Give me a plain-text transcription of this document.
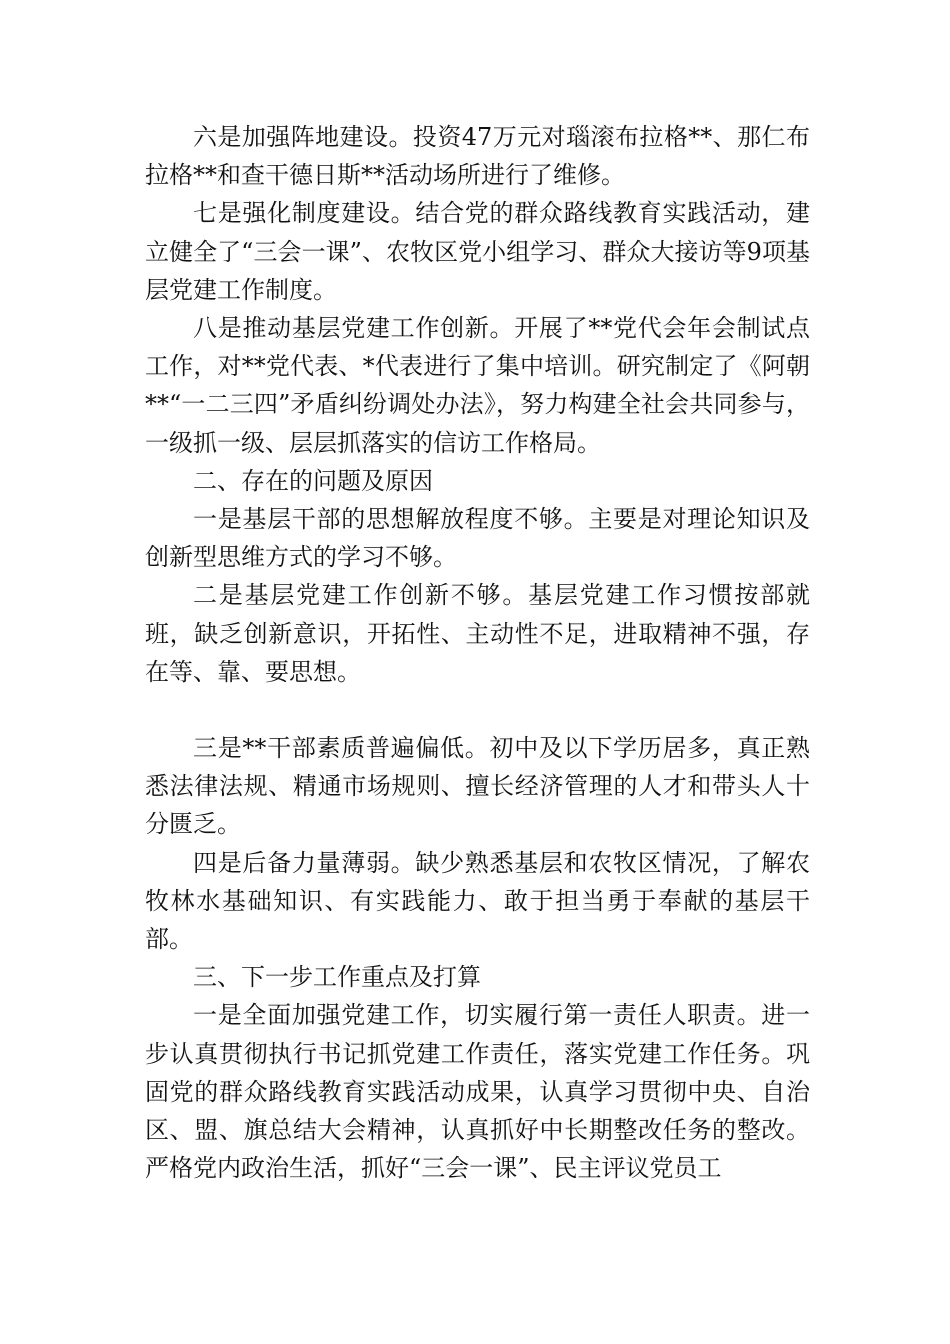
六是加强阵地建设。投资47万元对瑙滚布拉格**、那仁布拉格**和查干德日斯**活动场所进行了维修。

七是强化制度建设。结合党的群众路线教育实践活动，建立健全了“三会一课”、农牧区党小组学习、群众大接访等9项基层党建工作制度。

八是推动基层党建工作创新。开展了**党代会年会制试点工作，对**党代表、*代表进行了集中培训。研究制定了《阿朝**“一二三四”矛盾纠纷调处办法》，努力构建全社会共同参与，一级抓一级、层层抓落实的信访工作格局。

二、存在的问题及原因

一是基层干部的思想解放程度不够。主要是对理论知识及创新型思维方式的学习不够。

二是基层党建工作创新不够。基层党建工作习惯按部就班，缺乏创新意识，开拓性、主动性不足，进取精神不强，存在等、靠、要思想。

三是**干部素质普遍偏低。初中及以下学历居多，真正熟悉法律法规、精通市场规则、擅长经济管理的人才和带头人十分匮乏。

四是后备力量薄弱。缺少熟悉基层和农牧区情况，了解农牧林水基础知识、有实践能力、敢于担当勇于奉献的基层干部。

三、下一步工作重点及打算

一是全面加强党建工作，切实履行第一责任人职责。进一步认真贯彻执行书记抓党建工作责任，落实党建工作任务。巩固党的群众路线教育实践活动成果，认真学习贯彻中央、自治区、盟、旗总结大会精神，认真抓好中长期整改任务的整改。严格党内政治生活，抓好“三会一课”、民主评议党员工
